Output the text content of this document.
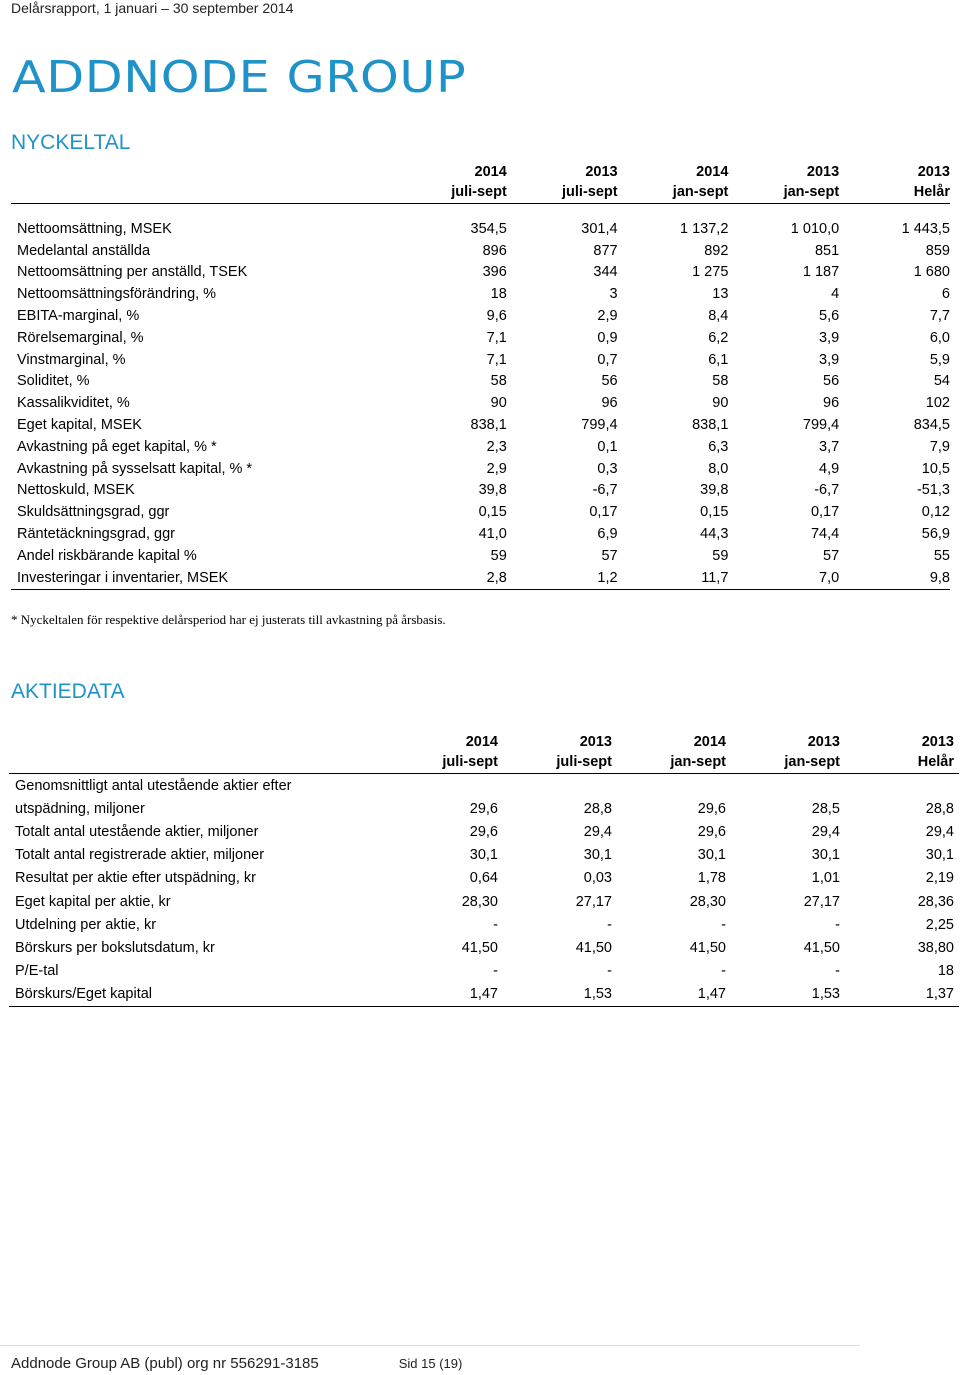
Delårsrapport, 1 januari – 30 september 2014
ADDNODE GROUP
NYCKELTAL
	2014	2013	2014	2013	2013
	juli-sept	juli-sept	jan-sept	jan-sept	Helår

Nettoomsättning, MSEK	354,5	301,4	1 137,2	1 010,0	1 443,5
Medelantal anställda	896	877	892	851	859
Nettoomsättning per anställd, TSEK	396	344	1 275	1 187	1 680
Nettoomsättningsförändring, %	18	3	13	4	6
EBITA-marginal, %	9,6	2,9	8,4	5,6	7,7
Rörelsemarginal, %	7,1	0,9	6,2	3,9	6,0
Vinstmarginal, %	7,1	0,7	6,1	3,9	5,9
Soliditet, %	58	56	58	56	54
Kassalikviditet, %	90	96	90	96	102
Eget kapital, MSEK	838,1	799,4	838,1	799,4	834,5
Avkastning på eget kapital, % *	2,3	0,1	6,3	3,7	7,9
Avkastning på sysselsatt kapital, % *	2,9	0,3	8,0	4,9	10,5
Nettoskuld, MSEK	39,8	-6,7	39,8	-6,7	-51,3
Skuldsättningsgrad, ggr	0,15	0,17	0,15	0,17	0,12
Räntetäckningsgrad, ggr	41,0	6,9	44,3	74,4	56,9
Andel riskbärande kapital %	59	57	59	57	55
Investeringar i inventarier, MSEK	2,8	1,2	11,7	7,0	9,8
* Nyckeltalen för respektive delårsperiod har ej justerats till avkastning på årsbasis.
AKTIEDATA
	2014	2013	2014	2013	2013
	juli-sept	juli-sept	jan-sept	jan-sept	Helår
Genomsnittligt antal utestående aktier efter					
utspädning, miljoner	29,6	28,8	29,6	28,5	28,8
Totalt antal utestående aktier, miljoner	29,6	29,4	29,6	29,4	29,4
Totalt antal registrerade aktier, miljoner	30,1	30,1	30,1	30,1	30,1
Resultat per aktie efter utspädning, kr	0,64	0,03	1,78	1,01	2,19
Eget kapital per aktie, kr	28,30	27,17	28,30	27,17	28,36
Utdelning per aktie, kr	-	-	-	-	2,25
Börskurs per bokslutsdatum, kr	41,50	41,50	41,50	41,50	38,80
P/E-tal	-	-	-	-	18
Börskurs/Eget kapital	1,47	1,53	1,47	1,53	1,37
Addnode Group AB (publ) org nr 556291-3185	Sid 15 (19)
